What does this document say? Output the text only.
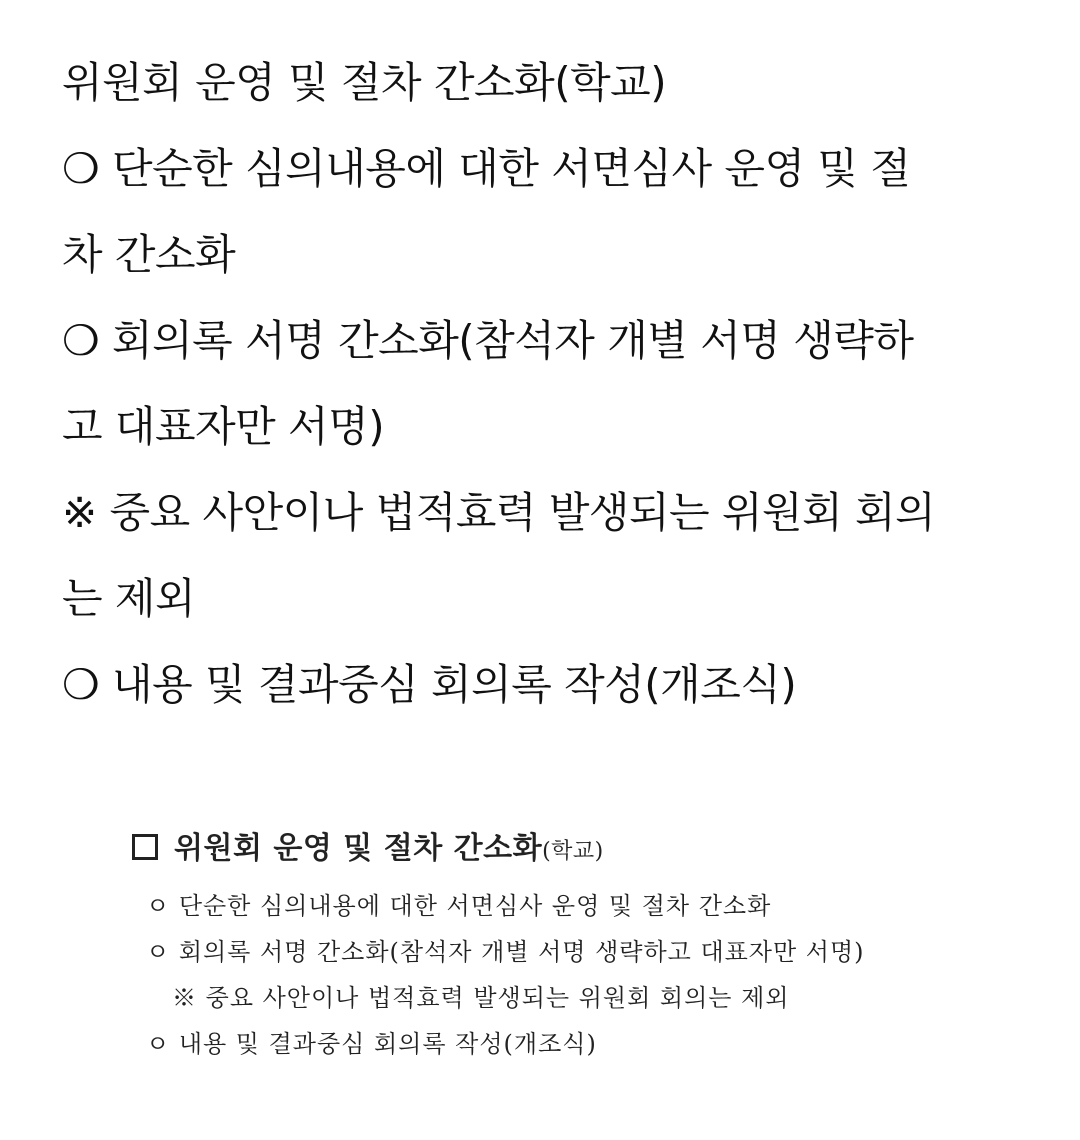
위원회 운영 및 절차 간소화(학교)

❍ 단순한 심의내용에 대한 서면심사 운영 및 절

차 간소화

❍ 회의록 서명 간소화(참석자 개별 서명 생략하

고 대표자만 서명)

※ 중요 사안이나 법적효력 발생되는 위원회 회의

는 제외

❍ 내용 및 결과중심 회의록 작성(개조식)

위원회 운영 및 절차 간소화(학교)
ㅇ 단순한 심의내용에 대한 서면심사 운영 및 절차 간소화
ㅇ 회의록 서명 간소화(참석자 개별 서명 생략하고 대표자만 서명)
※ 중요 사안이나 법적효력 발생되는 위원회 회의는 제외
ㅇ 내용 및 결과중심 회의록 작성(개조식)
